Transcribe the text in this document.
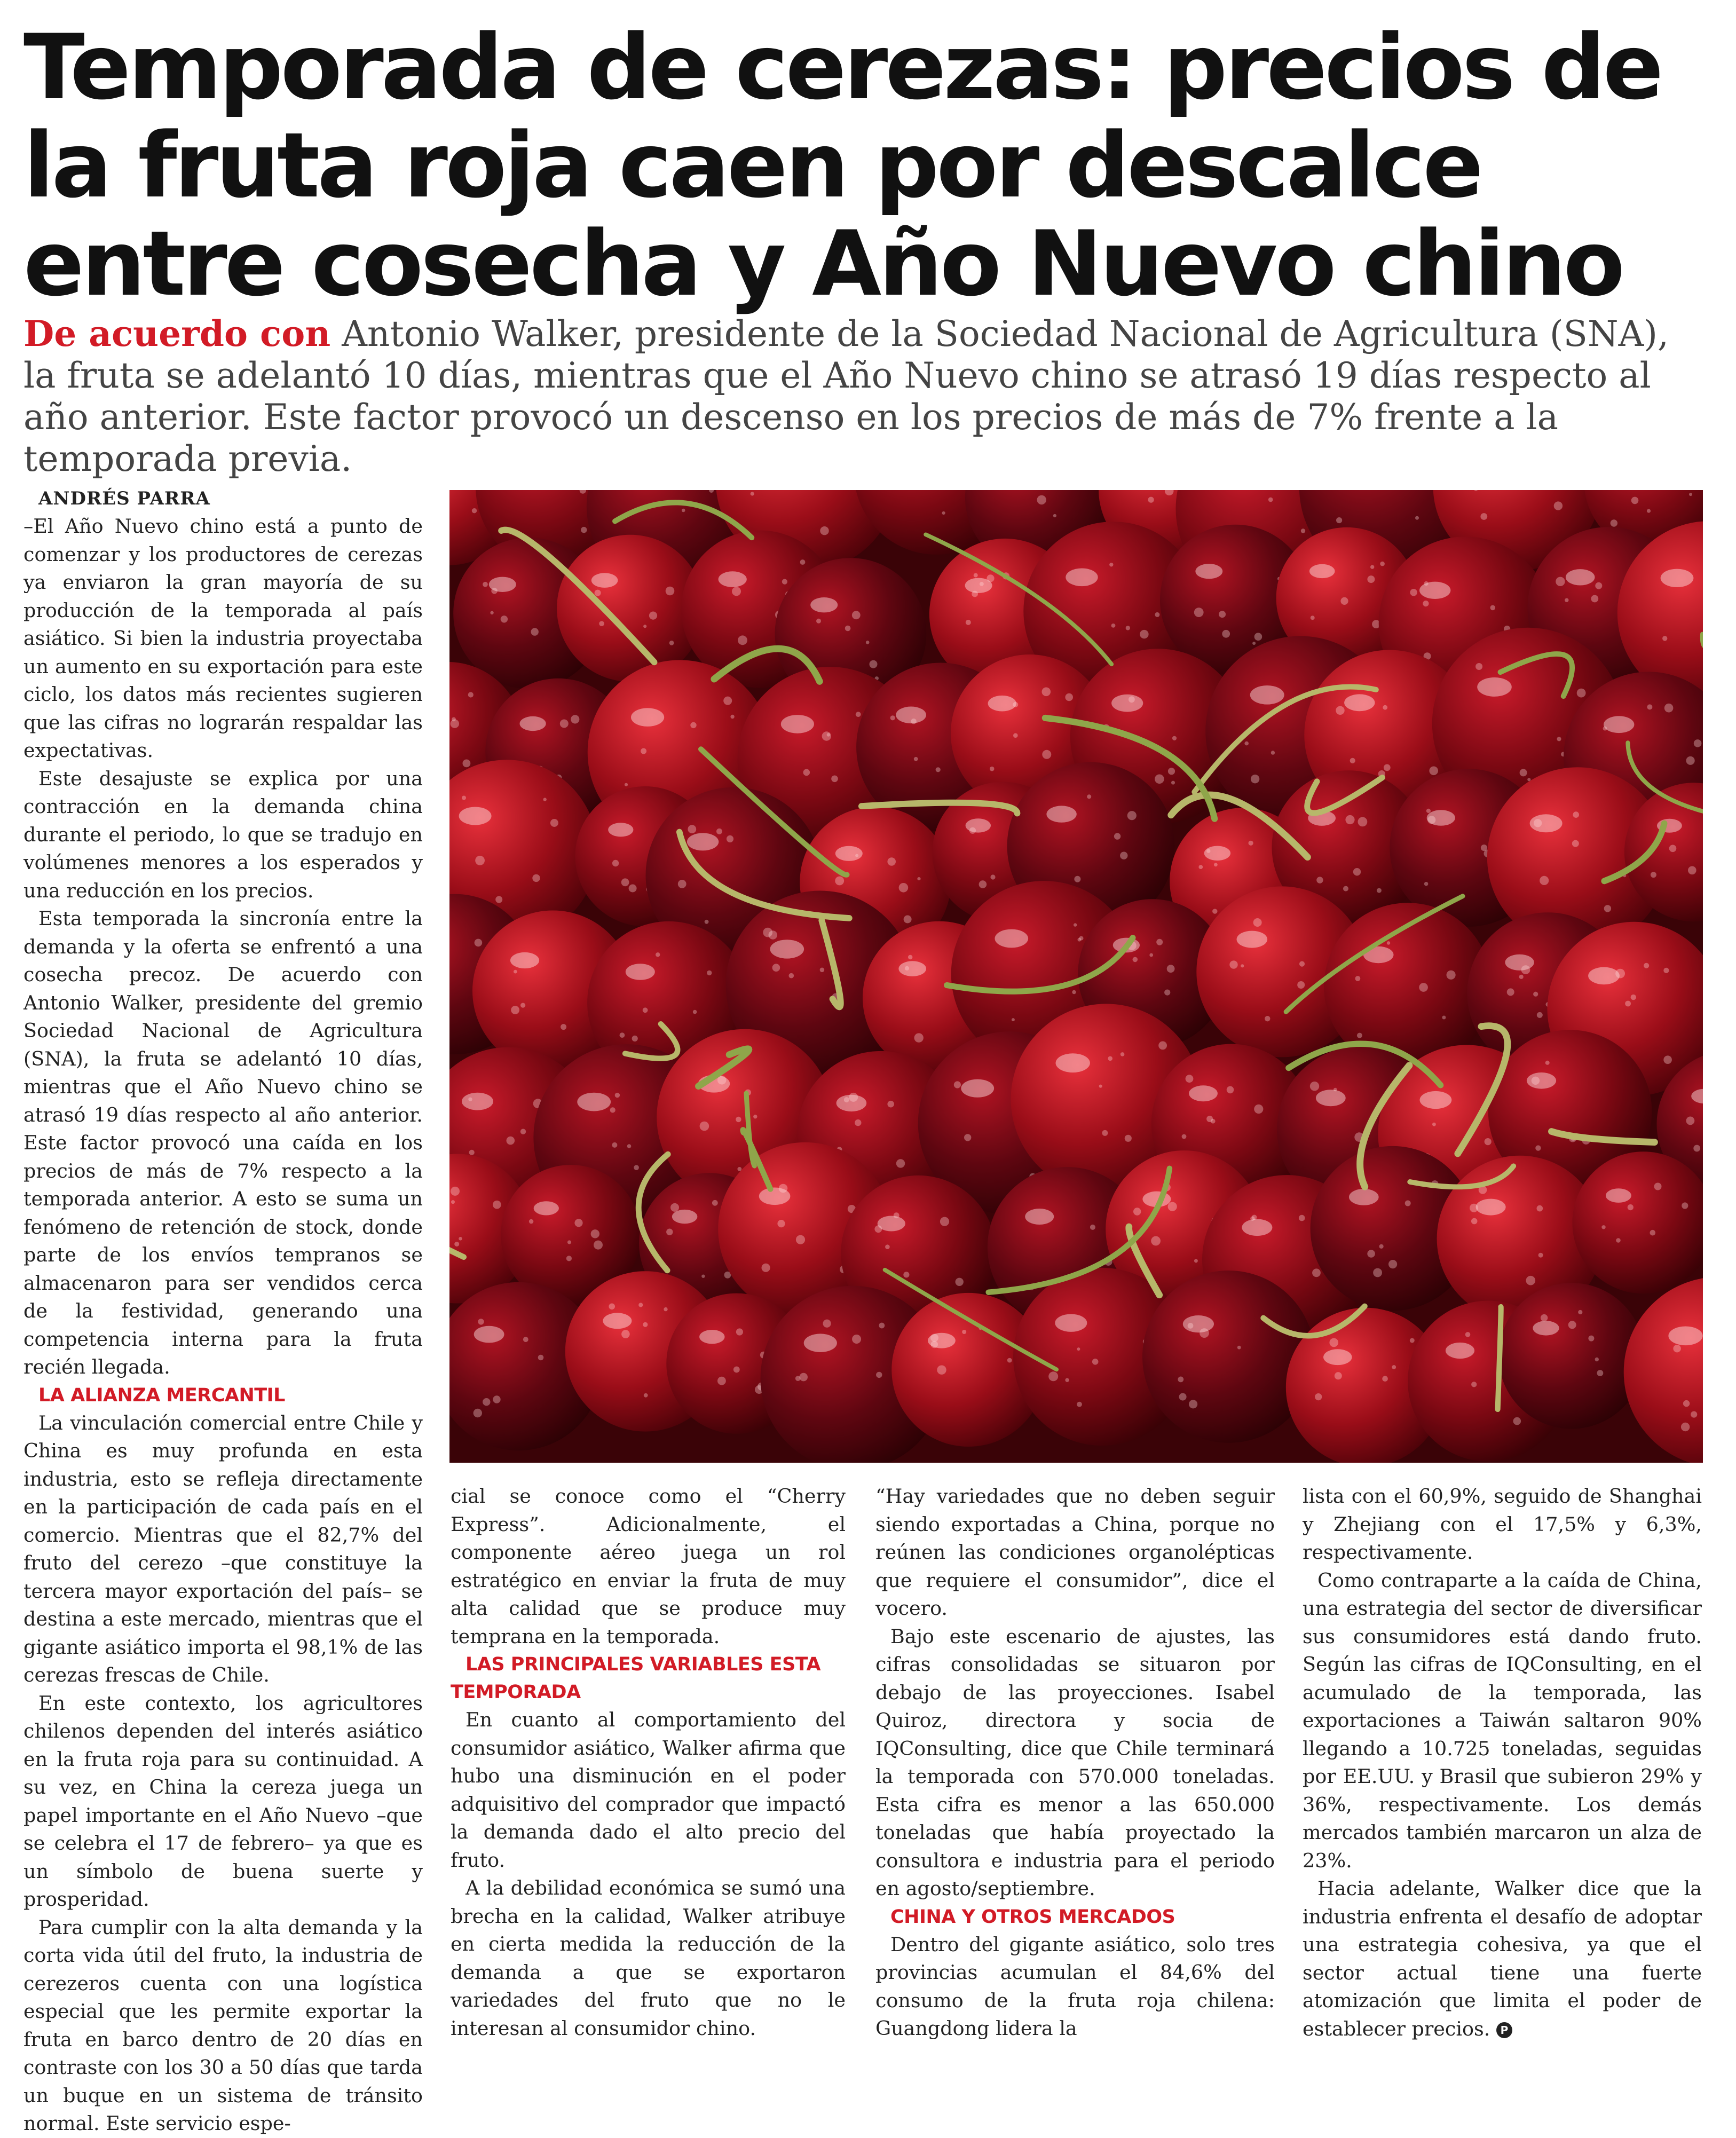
Temporada de cerezas: precios de la fruta roja caen por descalce entre cosecha y Año Nuevo chino

De acuerdo con Antonio Walker, presidente de la Sociedad Nacional de Agricultura (SNA), la fruta se adelantó 10 días, mientras que el Año Nuevo chino se atrasó 19 días respecto al año anterior. Este factor provocó un descenso en los precios de más de 7% frente a la temporada previa.

ANDRÉS PARRA

–El Año Nuevo chino está a punto de comenzar y los productores de cerezas ya enviaron la gran mayoría de su producción de la temporada al país asiático. Si bien la industria proyectaba un aumento en su exportación para este ciclo, los datos más recientes sugieren que las cifras no lograrán respaldar las expectativas.

Este desajuste se explica por una contracción en la demanda china durante el periodo, lo que se tradujo en volúmenes menores a los esperados y una reducción en los precios.

Esta temporada la sincronía entre la demanda y la oferta se enfrentó a una cosecha precoz. De acuerdo con Antonio Walker, presidente del gremio Sociedad Nacional de Agricultura (SNA), la fruta se adelantó 10 días, mientras que el Año Nuevo chino se atrasó 19 días respecto al año anterior. Este factor provocó una caída en los precios de más de 7% respecto a la temporada anterior. A esto se suma un fenómeno de retención de stock, donde parte de los envíos tempranos se almacenaron para ser vendidos cerca de la festividad, generando una competencia interna para la fruta recién llegada.

LA ALIANZA MERCANTIL

La vinculación comercial entre Chile y China es muy profunda en esta industria, esto se refleja directamente en la participación de cada país en el comercio. Mientras que el 82,7% del fruto del cerezo –que constituye la tercera mayor exportación del país– se destina a este mercado, mientras que el gigante asiático importa el 98,1% de las cerezas frescas de Chile.

En este contexto, los agricultores chilenos dependen del interés asiático en la fruta roja para su continuidad. A su vez, en China la cereza juega un papel importante en el Año Nuevo –que se celebra el 17 de febrero– ya que es un símbolo de buena suerte y prosperidad.

Para cumplir con la alta demanda y la corta vida útil del fruto, la industria de cerezeros cuenta con una logística especial que les permite exportar la fruta en barco dentro de 20 días en contraste con los 30 a 50 días que tarda un buque en un sistema de tránsito normal. Este servicio espe-

cial se conoce como el “Cherry Express”. Adicionalmente, el componente aéreo juega un rol estratégico en enviar la fruta de muy alta calidad que se produce muy temprana en la temporada.

LAS PRINCIPALES VARIABLES ESTA TEMPORADA

En cuanto al comportamiento del consumidor asiático, Walker afirma que hubo una disminución en el poder adquisitivo del comprador que impactó la demanda dado el alto precio del fruto.

A la debilidad económica se sumó una brecha en la calidad, Walker atribuye en cierta medida la reducción de la demanda a que se exportaron variedades del fruto que no le interesan al consumidor chino.

“Hay variedades que no deben seguir siendo exportadas a China, porque no reúnen las condiciones organolépticas que requiere el consumidor”, dice el vocero.

Bajo este escenario de ajustes, las cifras consolidadas se situaron por debajo de las proyecciones. Isabel Quiroz, directora y socia de IQConsulting, dice que Chile terminará la temporada con 570.000 toneladas. Esta cifra es menor a las 650.000 toneladas que había proyectado la consultora e industria para el periodo en agosto/septiembre.

CHINA Y OTROS MERCADOS

Dentro del gigante asiático, solo tres provincias acumulan el 84,6% del consumo de la fruta roja chilena: Guangdong lidera la

lista con el 60,9%, seguido de Shanghai y Zhejiang con el 17,5% y 6,3%, respectivamente.

Como contraparte a la caída de China, una estrategia del sector de diversificar sus consumidores está dando fruto. Según las cifras de IQConsulting, en el acumulado de la temporada, las exportaciones a Taiwán saltaron 90% llegando a 10.725 toneladas, seguidas por EE.UU. y Brasil que subieron 29% y 36%, respectivamente. Los demás mercados también marcaron un alza de 23%.

Hacia adelante, Walker dice que la industria enfrenta el desafío de adoptar una estrategia cohesiva, ya que el sector actual tiene una fuerte atomización que limita el poder de establecer precios. P
